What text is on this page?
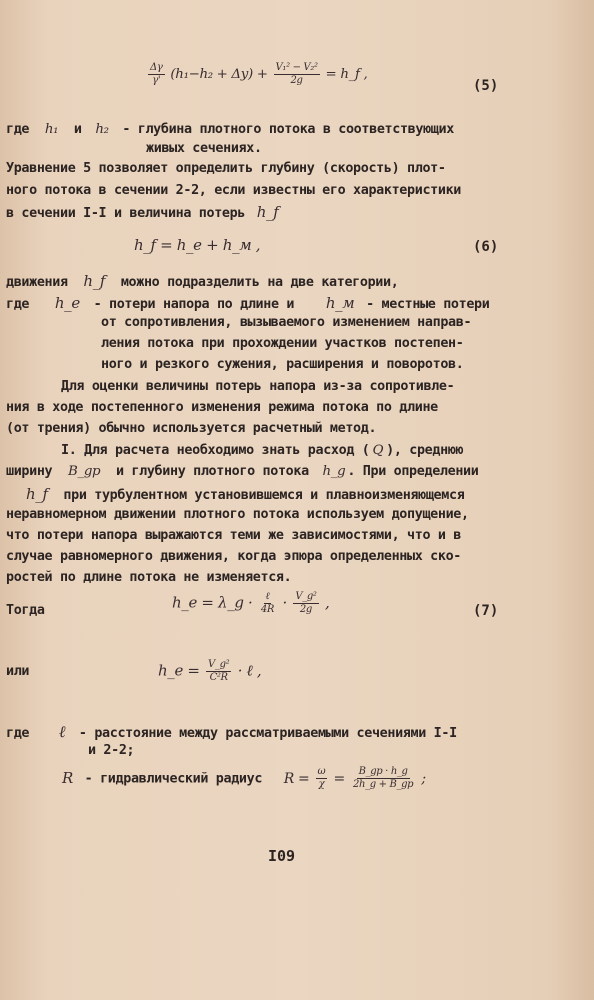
$\frac{\Delta\gamma}{\gamma'} (h_1-h_2 + \Delta y) + \frac{\text{V₁² − V₂²}}{2g}$ = h_f ,
(5)
где h₁ и h₂ - глубина плотного потока в соответствующих
живых сечениях.
Уравнение 5 позволяет определить глубину (скорость) плот-
ного потока в сечении 2-2, если известны его характеристики
в сечении I-I и величина потерь h_f
h_f = h_e + h_м ,	(6)
движения h_f можно подразделить на две категории,
где h_e - потери напора по длине и h_м - местные потери
от сопротивления, вызываемого изменением направ-
ления потока при прохождении участков постепен-
ного и резкого сужения, расширения и поворотов.
Для оценки величины потерь напора из-за сопротивле-
ния в ходе постепенного изменения режима потока по длине
(от трения) обычно используется расчетный метод.
I. Для расчета необходимо знать расход ( Q ), среднюю
ширину B_gp и глубину плотного потока h_g . При определении
h_f при турбулентном установившемся и плавноизменяющемся
неравномерном движении плотного потока используем допущение,
что потери напора выражаются теми же зависимостями, что и в
случае равномерного движения, когда эпюра определенных ско-
ростей по длине потока не изменяется.
Тогда	h_e = λ_g · $\frac{\text{ℓ}}{4R} \cdot \frac{\text{V\_g²}}{2g}$ ,	(7)
или	h_e = $\frac{\text{V\_g²}}{\text{C²R}}$ · ℓ ,
где ℓ - расстояние между рассматриваемыми сечениями I-I
и 2-2;
R - гидравлический радиус $R = \frac{\omega}{\chi} = \frac{B\_gp \cdot h\_g}{2h\_g + B\_gp}$ ;
I09
